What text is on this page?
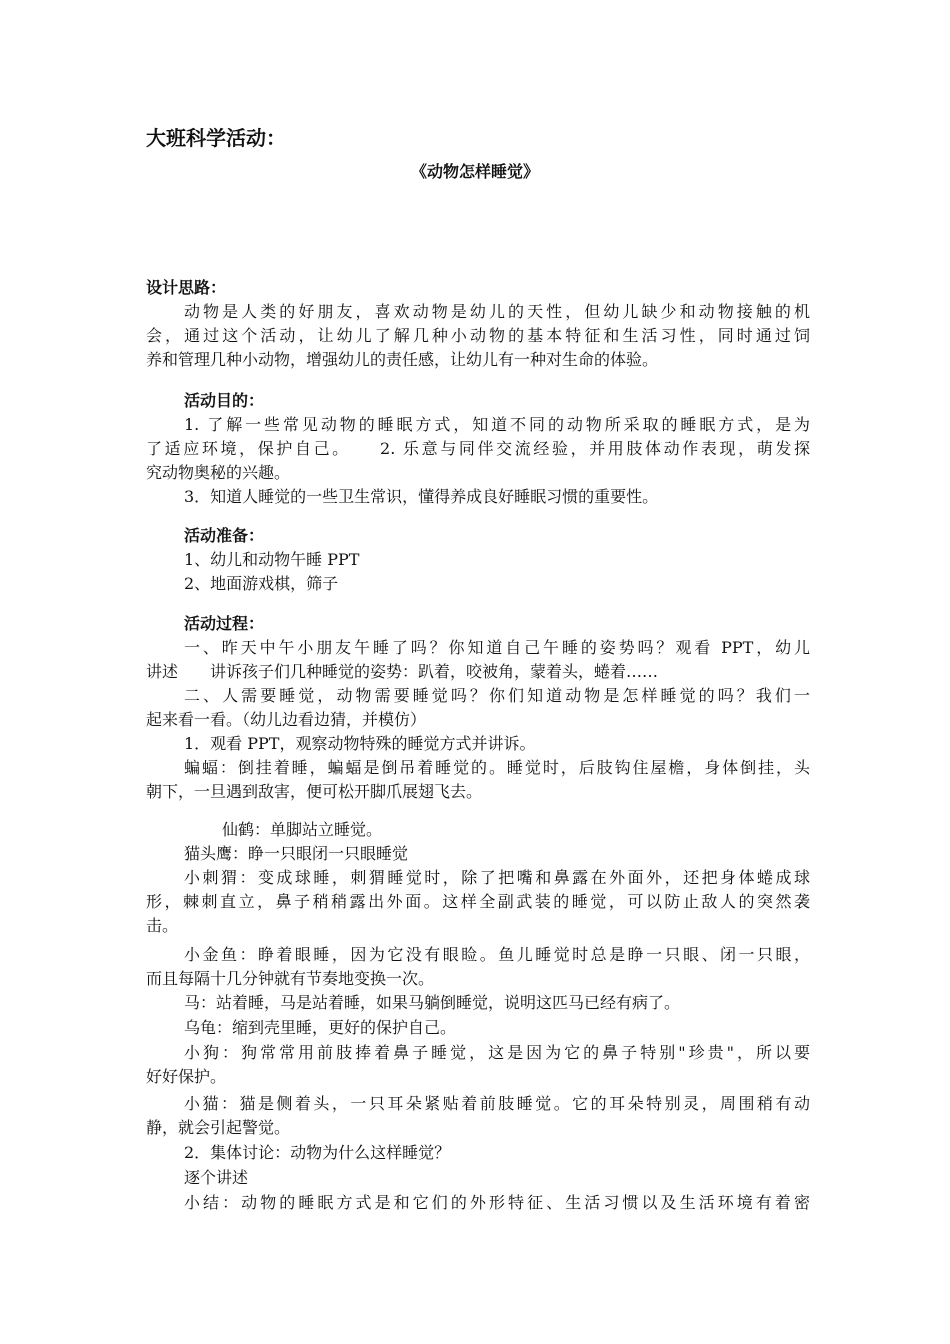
大班科学活动：
《动物怎样睡觉》
设计思路：
动物是人类的好朋友，喜欢动物是幼儿的天性，但幼儿缺少和动物接触的机
会，通过这个活动，让幼儿了解几种小动物的基本特征和生活习性，同时通过饲
养和管理几种小动物，增强幼儿的责任感，让幼儿有一种对生命的体验。
活动目的：
1. 了解一些常见动物的睡眠方式，知道不同的动物所采取的睡眠方式，是为
了适应环境，保护自己。　　2. 乐意与同伴交流经验，并用肢体动作表现，萌发探
究动物奥秘的兴趣。
3．知道人睡觉的一些卫生常识，懂得养成良好睡眠习惯的重要性。
活动准备：
1、幼儿和动物午睡 PPT
2、地面游戏棋，筛子
活动过程：
一、昨天中午小朋友午睡了吗？你知道自己午睡的姿势吗？观看 PPT，幼儿
讲述　　讲诉孩子们几种睡觉的姿势：趴着，咬被角，蒙着头，蜷着……
二、人需要睡觉，动物需要睡觉吗？你们知道动物是怎样睡觉的吗？我们一
起来看一看。（幼儿边看边猜，并模仿）
1．观看 PPT，观察动物特殊的睡觉方式并讲诉。
蝙蝠：倒挂着睡，蝙蝠是倒吊着睡觉的。睡觉时，后肢钩住屋檐，身体倒挂，头
朝下，一旦遇到敌害，便可松开脚爪展翅飞去。
仙鹤：单脚站立睡觉。
猫头鹰：睁一只眼闭一只眼睡觉
小刺猬：变成球睡，刺猬睡觉时，除了把嘴和鼻露在外面外，还把身体蜷成球
形，棘刺直立，鼻子稍稍露出外面。这样全副武装的睡觉，可以防止敌人的突然袭
击。
小金鱼：睁着眼睡，因为它没有眼睑。鱼儿睡觉时总是睁一只眼、闭一只眼，
而且每隔十几分钟就有节奏地变换一次。
马：站着睡，马是站着睡，如果马躺倒睡觉，说明这匹马已经有病了。
乌龟：缩到壳里睡，更好的保护自己。
小狗：狗常常用前肢捧着鼻子睡觉，这是因为它的鼻子特别"珍贵"，所以要
好好保护。
小猫：猫是侧着头，一只耳朵紧贴着前肢睡觉。它的耳朵特别灵，周围稍有动
静，就会引起警觉。
2．集体讨论：动物为什么这样睡觉？
逐个讲述
小结：动物的睡眠方式是和它们的外形特征、生活习惯以及生活环境有着密
